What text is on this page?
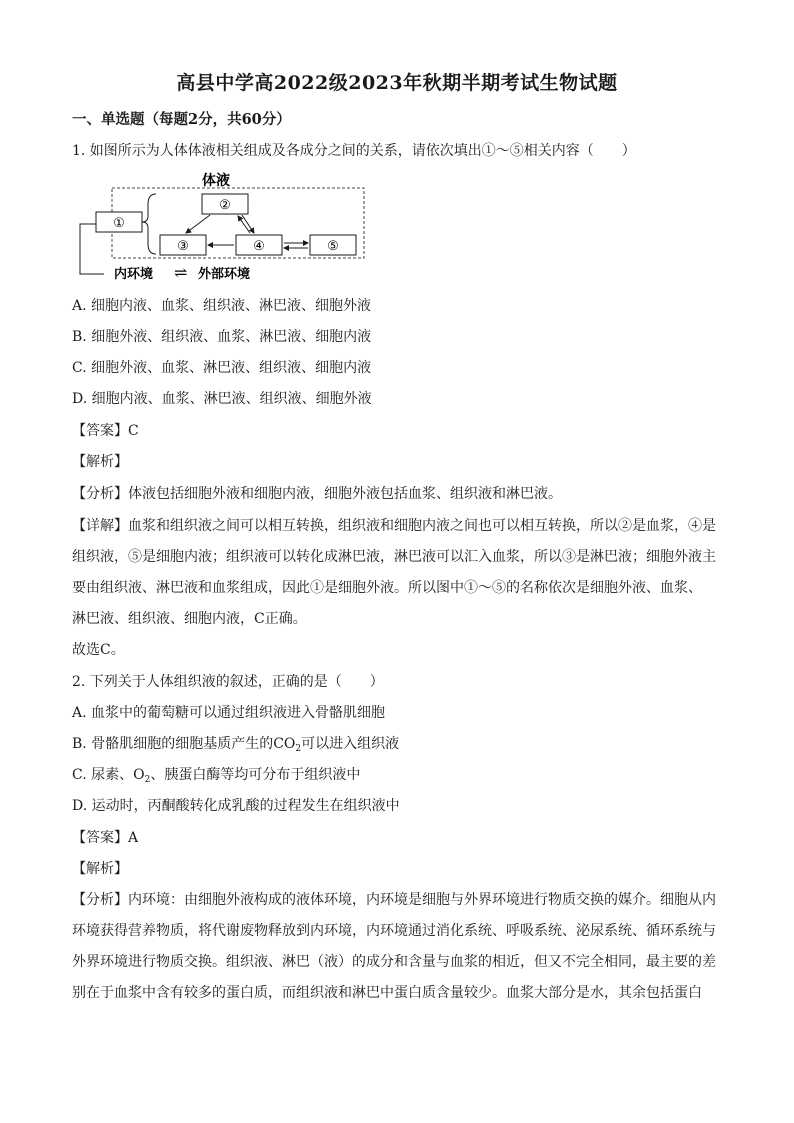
高县中学高2022级2023年秋期半期考试生物试题
一、单选题（每题2分，共60分）
1. 如图所示为人体体液相关组成及各成分之间的关系，请依次填出①～⑤相关内容（　　）
体液
①
②
③	④	⑤
内环境 ⇌ 外部环境
A. 细胞内液、血浆、组织液、淋巴液、细胞外液
B. 细胞外液、组织液、血浆、淋巴液、细胞内液
C. 细胞外液、血浆、淋巴液、组织液、细胞内液
D. 细胞内液、血浆、淋巴液、组织液、细胞外液
【答案】C
【解析】
【分析】体液包括细胞外液和细胞内液，细胞外液包括血浆、组织液和淋巴液。
【详解】血浆和组织液之间可以相互转换，组织液和细胞内液之间也可以相互转换，所以②是血浆，④是
组织液，⑤是细胞内液；组织液可以转化成淋巴液，淋巴液可以汇入血浆，所以③是淋巴液；细胞外液主
要由组织液、淋巴液和血浆组成，因此①是细胞外液。所以图中①～⑤的名称依次是细胞外液、血浆、
淋巴液、组织液、细胞内液，C正确。
故选C。
2. 下列关于人体组织液的叙述，正确的是（　　）
A. 血浆中的葡萄糖可以通过组织液进入骨骼肌细胞
B. 骨骼肌细胞的细胞基质产生的$CO_2$可以进入组织液
C. 尿素、$O_2$、胰蛋白酶等均可分布于组织液中
D. 运动时，丙酮酸转化成乳酸的过程发生在组织液中
【答案】A
【解析】
【分析】内环境：由细胞外液构成的液体环境，内环境是细胞与外界环境进行物质交换的媒介。细胞从内
环境获得营养物质，将代谢废物释放到内环境，内环境通过消化系统、呼吸系统、泌尿系统、循环系统与
外界环境进行物质交换。组织液、淋巴（液）的成分和含量与血浆的相近，但又不完全相同，最主要的差
别在于血浆中含有较多的蛋白质，而组织液和淋巴中蛋白质含量较少。血浆大部分是水，其余包括蛋白
